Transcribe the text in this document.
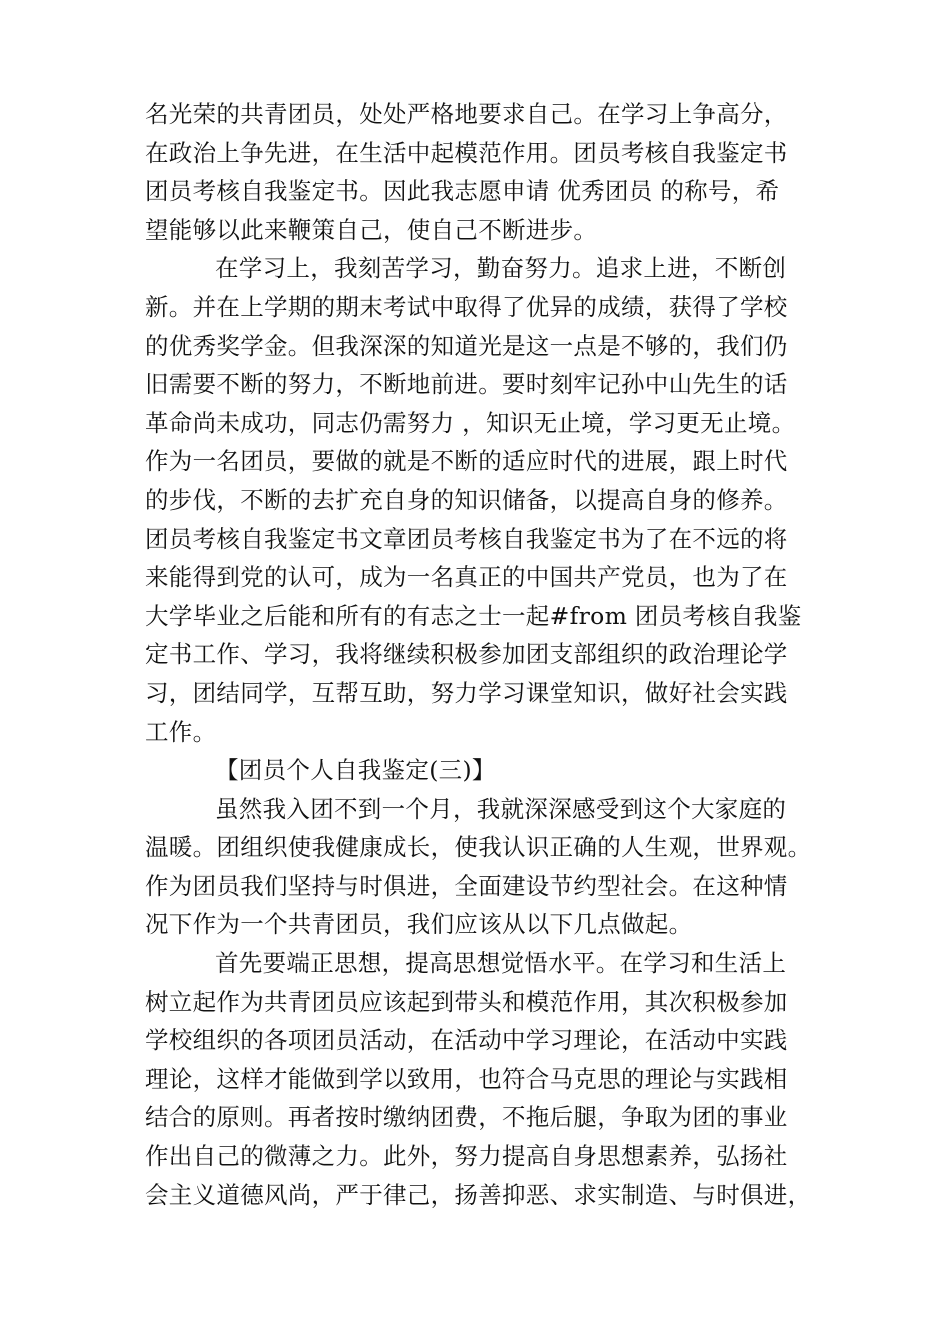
名光荣的共青团员，处处严格地要求自己。在学习上争高分，
在政治上争先进，在生活中起模范作用。团员考核自我鉴定书
团员考核自我鉴定书。因此我志愿申请 优秀团员 的称号，希
望能够以此来鞭策自己，使自己不断进步。
在学习上，我刻苦学习，勤奋努力。追求上进，不断创
新。并在上学期的期末考试中取得了优异的成绩，获得了学校
的优秀奖学金。但我深深的知道光是这一点是不够的，我们仍
旧需要不断的努力，不断地前进。要时刻牢记孙中山先生的话
革命尚未成功，同志仍需努力 ，知识无止境，学习更无止境。
作为一名团员，要做的就是不断的适应时代的进展，跟上时代
的步伐，不断的去扩充自身的知识储备，以提高自身的修养。
团员考核自我鉴定书文章团员考核自我鉴定书为了在不远的将
来能得到党的认可，成为一名真正的中国共产党员，也为了在
大学毕业之后能和所有的有志之士一起#from 团员考核自我鉴
定书工作、学习，我将继续积极参加团支部组织的政治理论学
习，团结同学，互帮互助，努力学习课堂知识，做好社会实践
工作。
【团员个人自我鉴定(三)】
虽然我入团不到一个月，我就深深感受到这个大家庭的
温暖。团组织使我健康成长，使我认识正确的人生观，世界观。
作为团员我们坚持与时俱进，全面建设节约型社会。在这种情
况下作为一个共青团员，我们应该从以下几点做起。
首先要端正思想，提高思想觉悟水平。在学习和生活上
树立起作为共青团员应该起到带头和模范作用，其次积极参加
学校组织的各项团员活动，在活动中学习理论，在活动中实践
理论，这样才能做到学以致用，也符合马克思的理论与实践相
结合的原则。再者按时缴纳团费，不拖后腿，争取为团的事业
作出自己的微薄之力。此外，努力提高自身思想素养，弘扬社
会主义道德风尚，严于律己，扬善抑恶、求实制造、与时俱进，
